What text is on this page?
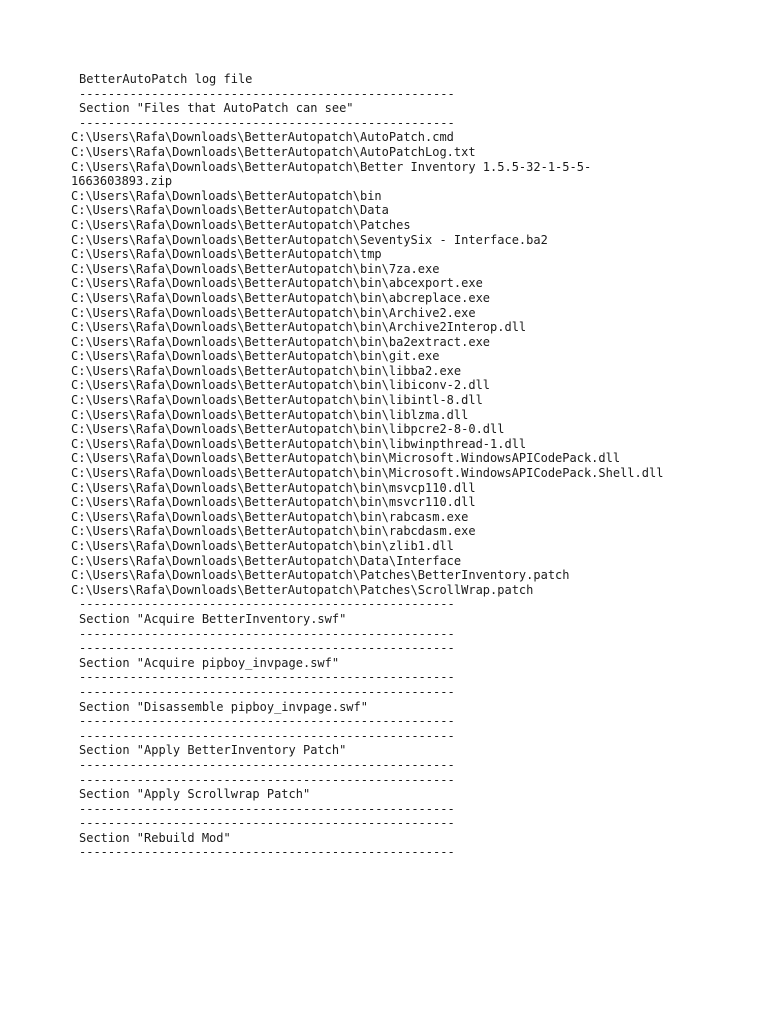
BetterAutoPatch log file
----------------------------------------------------
Section "Files that AutoPatch can see"
----------------------------------------------------
C:\Users\Rafa\Downloads\BetterAutopatch\AutoPatch.cmd
C:\Users\Rafa\Downloads\BetterAutopatch\AutoPatchLog.txt
C:\Users\Rafa\Downloads\BetterAutopatch\Better Inventory 1.5.5-32-1-5-5-
1663603893.zip
C:\Users\Rafa\Downloads\BetterAutopatch\bin
C:\Users\Rafa\Downloads\BetterAutopatch\Data
C:\Users\Rafa\Downloads\BetterAutopatch\Patches
C:\Users\Rafa\Downloads\BetterAutopatch\SeventySix - Interface.ba2
C:\Users\Rafa\Downloads\BetterAutopatch\tmp
C:\Users\Rafa\Downloads\BetterAutopatch\bin\7za.exe
C:\Users\Rafa\Downloads\BetterAutopatch\bin\abcexport.exe
C:\Users\Rafa\Downloads\BetterAutopatch\bin\abcreplace.exe
C:\Users\Rafa\Downloads\BetterAutopatch\bin\Archive2.exe
C:\Users\Rafa\Downloads\BetterAutopatch\bin\Archive2Interop.dll
C:\Users\Rafa\Downloads\BetterAutopatch\bin\ba2extract.exe
C:\Users\Rafa\Downloads\BetterAutopatch\bin\git.exe
C:\Users\Rafa\Downloads\BetterAutopatch\bin\libba2.exe
C:\Users\Rafa\Downloads\BetterAutopatch\bin\libiconv-2.dll
C:\Users\Rafa\Downloads\BetterAutopatch\bin\libintl-8.dll
C:\Users\Rafa\Downloads\BetterAutopatch\bin\liblzma.dll
C:\Users\Rafa\Downloads\BetterAutopatch\bin\libpcre2-8-0.dll
C:\Users\Rafa\Downloads\BetterAutopatch\bin\libwinpthread-1.dll
C:\Users\Rafa\Downloads\BetterAutopatch\bin\Microsoft.WindowsAPICodePack.dll
C:\Users\Rafa\Downloads\BetterAutopatch\bin\Microsoft.WindowsAPICodePack.Shell.dll
C:\Users\Rafa\Downloads\BetterAutopatch\bin\msvcp110.dll
C:\Users\Rafa\Downloads\BetterAutopatch\bin\msvcr110.dll
C:\Users\Rafa\Downloads\BetterAutopatch\bin\rabcasm.exe
C:\Users\Rafa\Downloads\BetterAutopatch\bin\rabcdasm.exe
C:\Users\Rafa\Downloads\BetterAutopatch\bin\zlib1.dll
C:\Users\Rafa\Downloads\BetterAutopatch\Data\Interface
C:\Users\Rafa\Downloads\BetterAutopatch\Patches\BetterInventory.patch
C:\Users\Rafa\Downloads\BetterAutopatch\Patches\ScrollWrap.patch
----------------------------------------------------
Section "Acquire BetterInventory.swf"
----------------------------------------------------
----------------------------------------------------
Section "Acquire pipboy_invpage.swf"
----------------------------------------------------
----------------------------------------------------
Section "Disassemble pipboy_invpage.swf"
----------------------------------------------------
----------------------------------------------------
Section "Apply BetterInventory Patch"
----------------------------------------------------
----------------------------------------------------
Section "Apply Scrollwrap Patch"
----------------------------------------------------
----------------------------------------------------
Section "Rebuild Mod"
----------------------------------------------------
